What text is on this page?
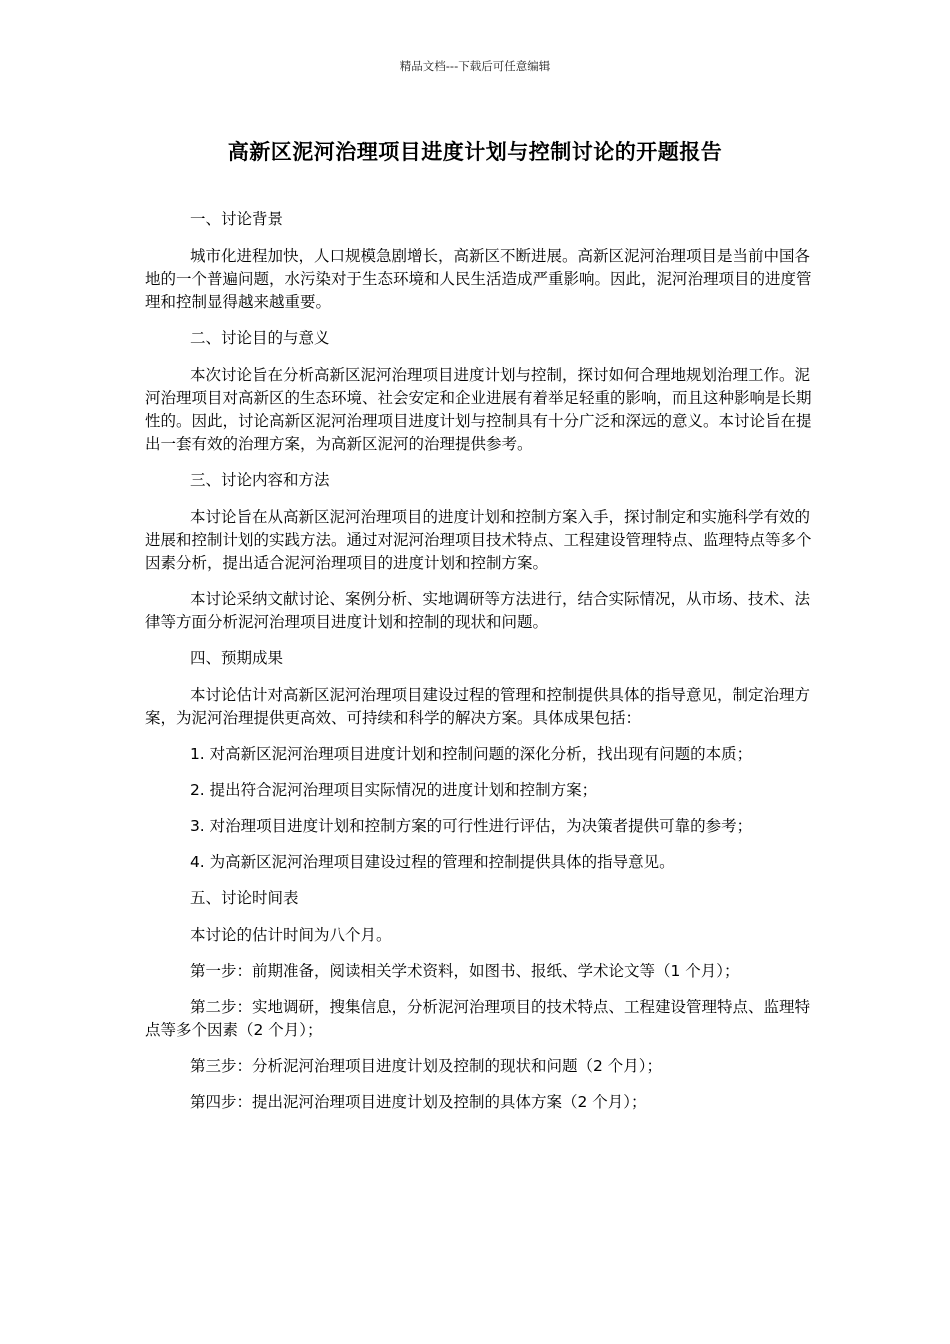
精品文档---下载后可任意编辑
高新区泥河治理项目进度计划与控制讨论的开题报告

一、讨论背景

城市化进程加快，人口规模急剧增长，高新区不断进展。高新区泥河治理项目是当前中国各地的一个普遍问题，水污染对于生态环境和人民生活造成严重影响。因此，泥河治理项目的进度管理和控制显得越来越重要。

二、讨论目的与意义

本次讨论旨在分析高新区泥河治理项目进度计划与控制，探讨如何合理地规划治理工作。泥河治理项目对高新区的生态环境、社会安定和企业进展有着举足轻重的影响，而且这种影响是长期性的。因此，讨论高新区泥河治理项目进度计划与控制具有十分广泛和深远的意义。本讨论旨在提出一套有效的治理方案，为高新区泥河的治理提供参考。

三、讨论内容和方法

本讨论旨在从高新区泥河治理项目的进度计划和控制方案入手，探讨制定和实施科学有效的进展和控制计划的实践方法。通过对泥河治理项目技术特点、工程建设管理特点、监理特点等多个因素分析，提出适合泥河治理项目的进度计划和控制方案。

本讨论采纳文献讨论、案例分析、实地调研等方法进行，结合实际情况，从市场、技术、法律等方面分析泥河治理项目进度计划和控制的现状和问题。

四、预期成果

本讨论估计对高新区泥河治理项目建设过程的管理和控制提供具体的指导意见，制定治理方案，为泥河治理提供更高效、可持续和科学的解决方案。具体成果包括：

1. 对高新区泥河治理项目进度计划和控制问题的深化分析，找出现有问题的本质；

2. 提出符合泥河治理项目实际情况的进度计划和控制方案；

3. 对治理项目进度计划和控制方案的可行性进行评估，为决策者提供可靠的参考；

4. 为高新区泥河治理项目建设过程的管理和控制提供具体的指导意见。

五、讨论时间表

本讨论的估计时间为八个月。

第一步：前期准备，阅读相关学术资料，如图书、报纸、学术论文等（1 个月）；

第二步：实地调研，搜集信息，分析泥河治理项目的技术特点、工程建设管理特点、监理特点等多个因素（2 个月）；

第三步：分析泥河治理项目进度计划及控制的现状和问题（2 个月）；

第四步：提出泥河治理项目进度计划及控制的具体方案（2 个月）；
